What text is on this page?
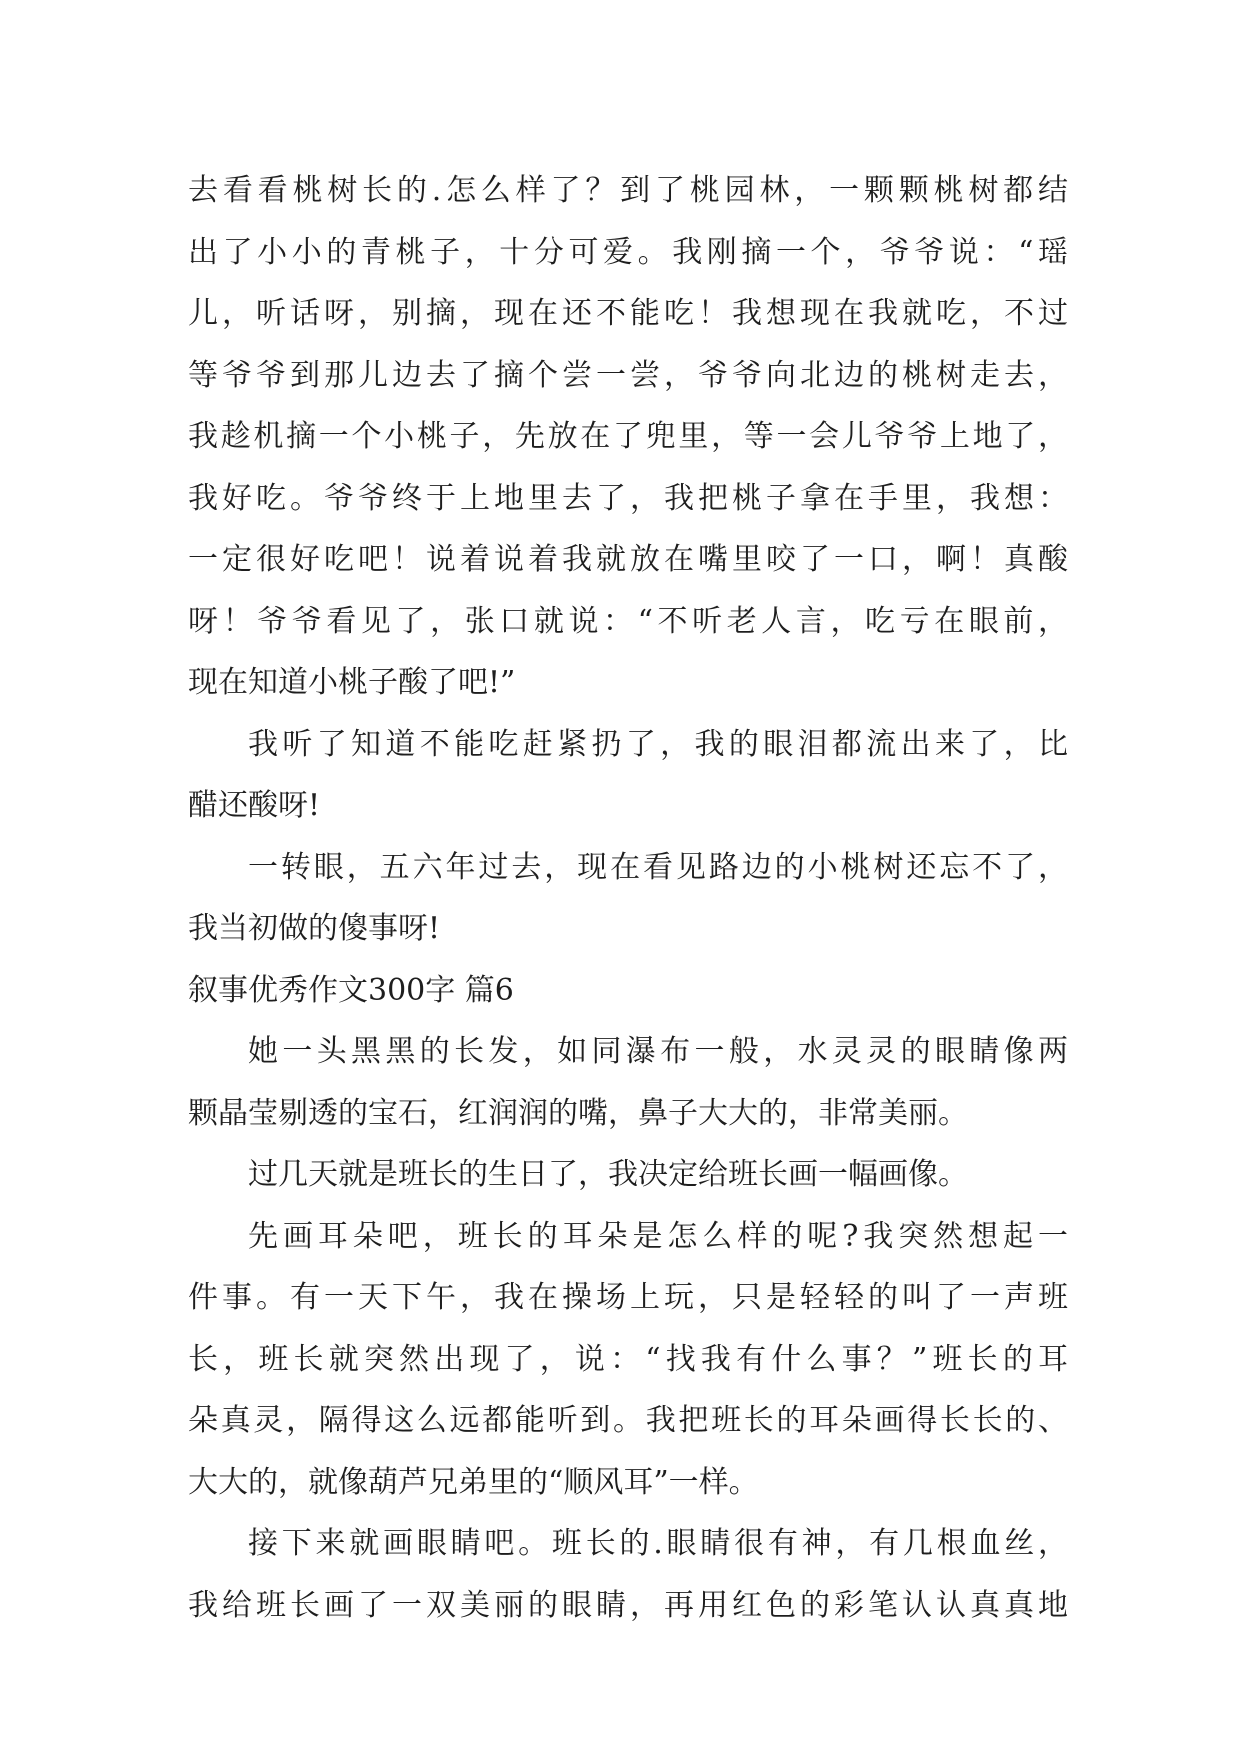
去看看桃树长的.怎么样了？到了桃园林，一颗颗桃树都结
出了小小的青桃子，十分可爱。我刚摘一个，爷爷说：“瑶
儿，听话呀，别摘，现在还不能吃！我想现在我就吃，不过
等爷爷到那儿边去了摘个尝一尝，爷爷向北边的桃树走去，
我趁机摘一个小桃子，先放在了兜里，等一会儿爷爷上地了，
我好吃。爷爷终于上地里去了，我把桃子拿在手里，我想：
一定很好吃吧！说着说着我就放在嘴里咬了一口，啊！真酸
呀！爷爷看见了，张口就说：“不听老人言，吃亏在眼前，
现在知道小桃子酸了吧!”
我听了知道不能吃赶紧扔了，我的眼泪都流出来了，比
醋还酸呀!
一转眼，五六年过去，现在看见路边的小桃树还忘不了，
我当初做的傻事呀!
叙事优秀作文300字 篇6
她一头黑黑的长发，如同瀑布一般，水灵灵的眼睛像两
颗晶莹剔透的宝石，红润润的嘴，鼻子大大的，非常美丽。
过几天就是班长的生日了，我决定给班长画一幅画像。
先画耳朵吧，班长的耳朵是怎么样的呢?我突然想起一
件事。有一天下午，我在操场上玩，只是轻轻的叫了一声班
长，班长就突然出现了，说：“找我有什么事？”班长的耳
朵真灵，隔得这么远都能听到。我把班长的耳朵画得长长的、
大大的，就像葫芦兄弟里的“顺风耳”一样。
接下来就画眼睛吧。班长的.眼睛很有神，有几根血丝，
我给班长画了一双美丽的眼睛，再用红色的彩笔认认真真地
